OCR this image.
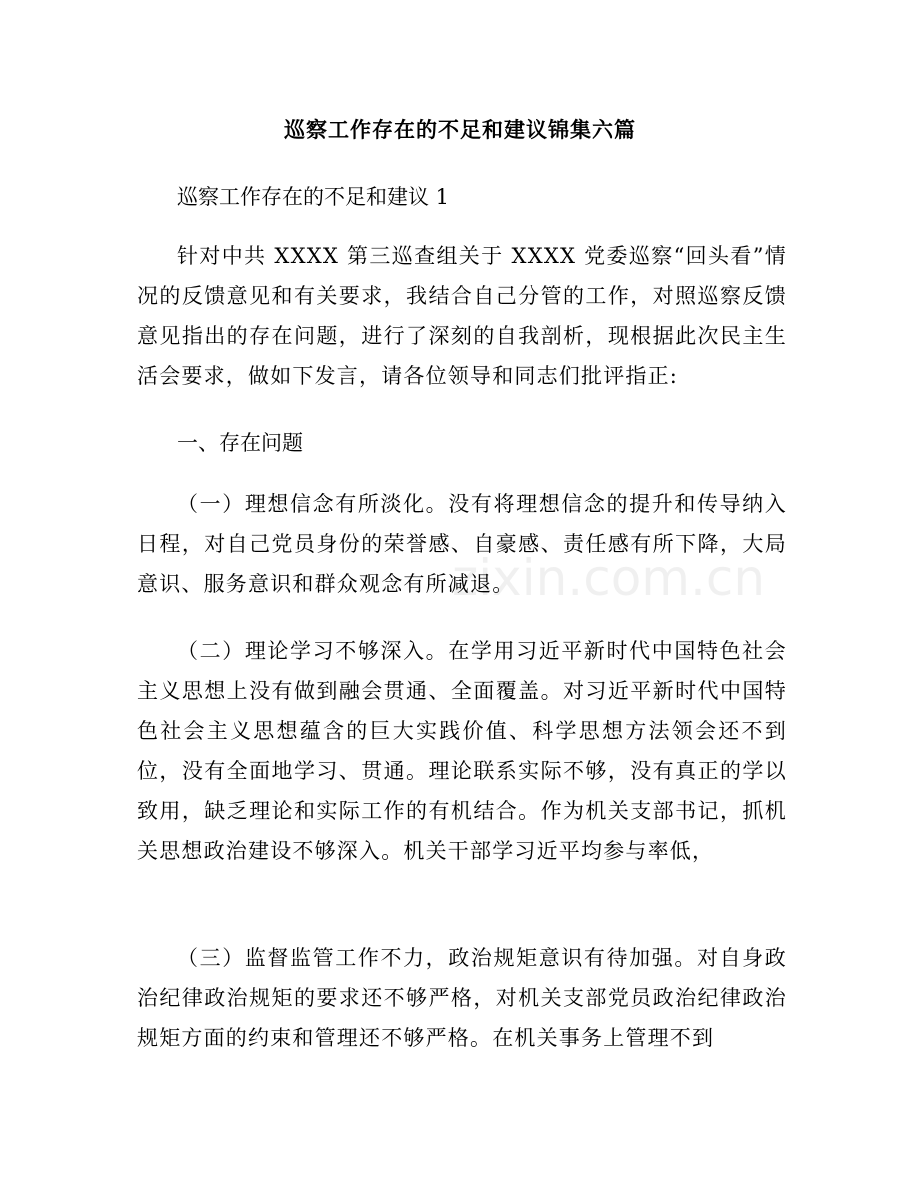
巡察工作存在的不足和建议锦集六篇

巡察工作存在的不足和建议 1

针对中共 XXXX 第三巡查组关于 XXXX 党委巡察“回头看”情况的反馈意见和有关要求，我结合自己分管的工作，对照巡察反馈意见指出的存在问题，进行了深刻的自我剖析，现根据此次民主生活会要求，做如下发言，请各位领导和同志们批评指正:

一、存在问题

（一）理想信念有所淡化。没有将理想信念的提升和传导纳入日程，对自己党员身份的荣誉感、自豪感、责任感有所下降，大局意识、服务意识和群众观念有所减退。

（二）理论学习不够深入。在学用习近平新时代中国特色社会主义思想上没有做到融会贯通、全面覆盖。对习近平新时代中国特色社会主义思想蕴含的巨大实践价值、科学思想方法领会还不到位，没有全面地学习、贯通。理论联系实际不够，没有真正的学以致用，缺乏理论和实际工作的有机结合。作为机关支部书记，抓机关思想政治建设不够深入。机关干部学习近平均参与率低，

（三）监督监管工作不力，政治规矩意识有待加强。对自身政治纪律政治规矩的要求还不够严格，对机关支部党员政治纪律政治规矩方面的约束和管理还不够严格。在机关事务上管理不到

zixin.com.cn
